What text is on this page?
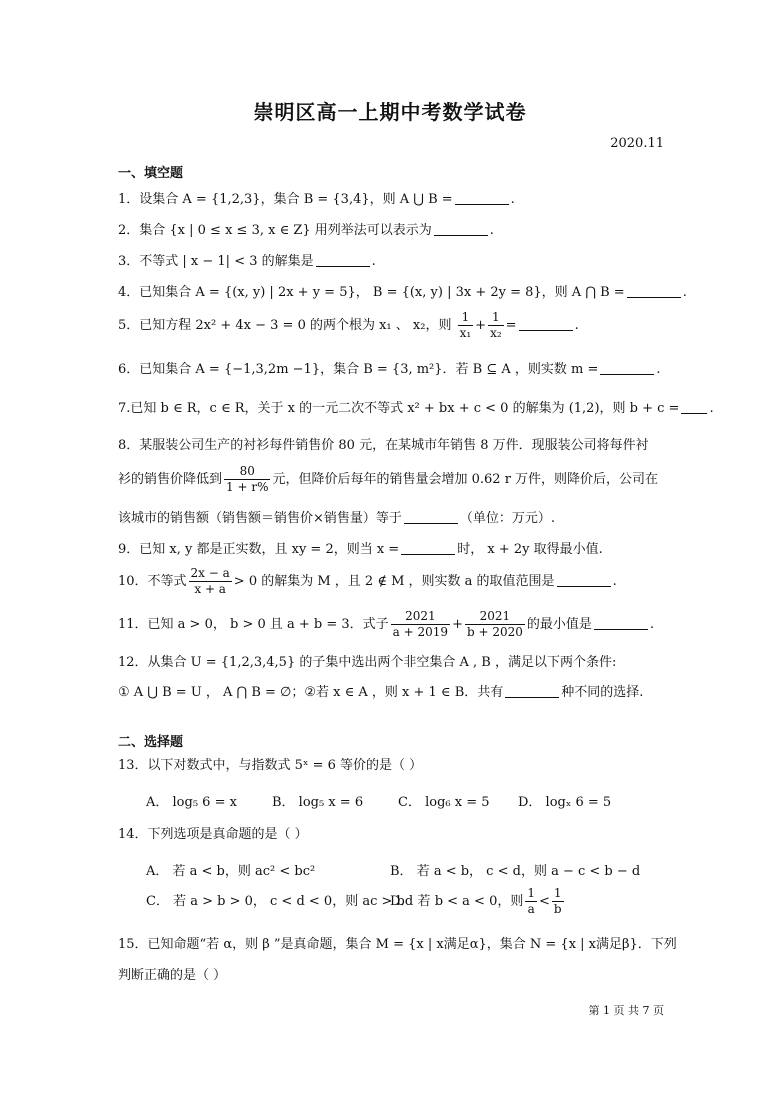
崇明区高一上期中考数学试卷
2020.11
一、填空题
1．设集合 A = {1,2,3}，集合 B = {3,4}，则 A ⋃ B =	.
2．集合 {x | 0 ≤ x ≤ 3, x ∈ Z} 用列举法可以表示为	.
3．不等式 | x − 1| < 3 的解集是	.
4．已知集合 A = {(x, y) | 2x + y = 5}， B = {(x, y) | 3x + 2y = 8}，则 A ⋂ B =	.
5．已知方程 2x² + 4x − 3 = 0 的两个根为 x₁ 、 x₂，则 $\frac{1}{\text{x₁}} + \frac{1}{\text{x₂}}$ =	.
6．已知集合 A = {−1,3,2m −1}，集合 B = {3, m²}．若 B ⊆ A ，则实数 m =	.
7.已知 b ∈ R，c ∈ R，关于 x 的一元二次不等式 x² + bx + c < 0 的解集为 (1,2)，则 b + c = .
8．某服装公司生产的衬衫每件销售价 80 元，在某城市年销售 8 万件．现服装公司将每件衬
衫的销售价降低到 $\frac{80}{1 + r\%}$ 元，但降价后每年的销售量会增加 0.62 r 万件，则降价后，公司在
该城市的销售额（销售额＝销售价×销售量）等于	（单位：万元）.
9．已知 x, y 都是正实数，且 xy = 2，则当 x =	时， x + 2y 取得最小值.
10．不等式 $\frac{2x - a}{x + a} > 0$ 的解集为 M ，且 2 ∉ M ，则实数 a 的取值范围是	.
11．已知 a > 0， b > 0 且 a + b = 3．式子 $\frac{2021}{a + 2019} + \frac{2021}{b + 2020}$ 的最小值是	.
12．从集合 U = {1,2,3,4,5} 的子集中选出两个非空集合 A , B ，满足以下两个条件:
① A ⋃ B = U ， A ⋂ B = ∅；②若 x ∈ A ，则 x + 1 ∈ B．共有	种不同的选择.
二、选择题
13．以下对数式中，与指数式 5ˣ = 6 等价的是（ ）
A． log₅ 6 = x	B． log₅ x = 6	C． log₆ x = 5 D． logₓ 6 = 5
14．下列选项是真命题的是（ ）
A． 若 a < b，则 ac² < bc²	B． 若 a < b， c < d，则 a − c < b − d
C． 若 a > b > 0， c < d < 0，则 ac > bdD． 若 b < a < 0，则 $\frac{1}{a} < \frac{1}{b}$
15．已知命题“若 α，则 β ”是真命题，集合 M = {x | x满足α}，集合 N = {x | x满足β}．下列
判断正确的是（ ）
第 1 页 共 7 页
